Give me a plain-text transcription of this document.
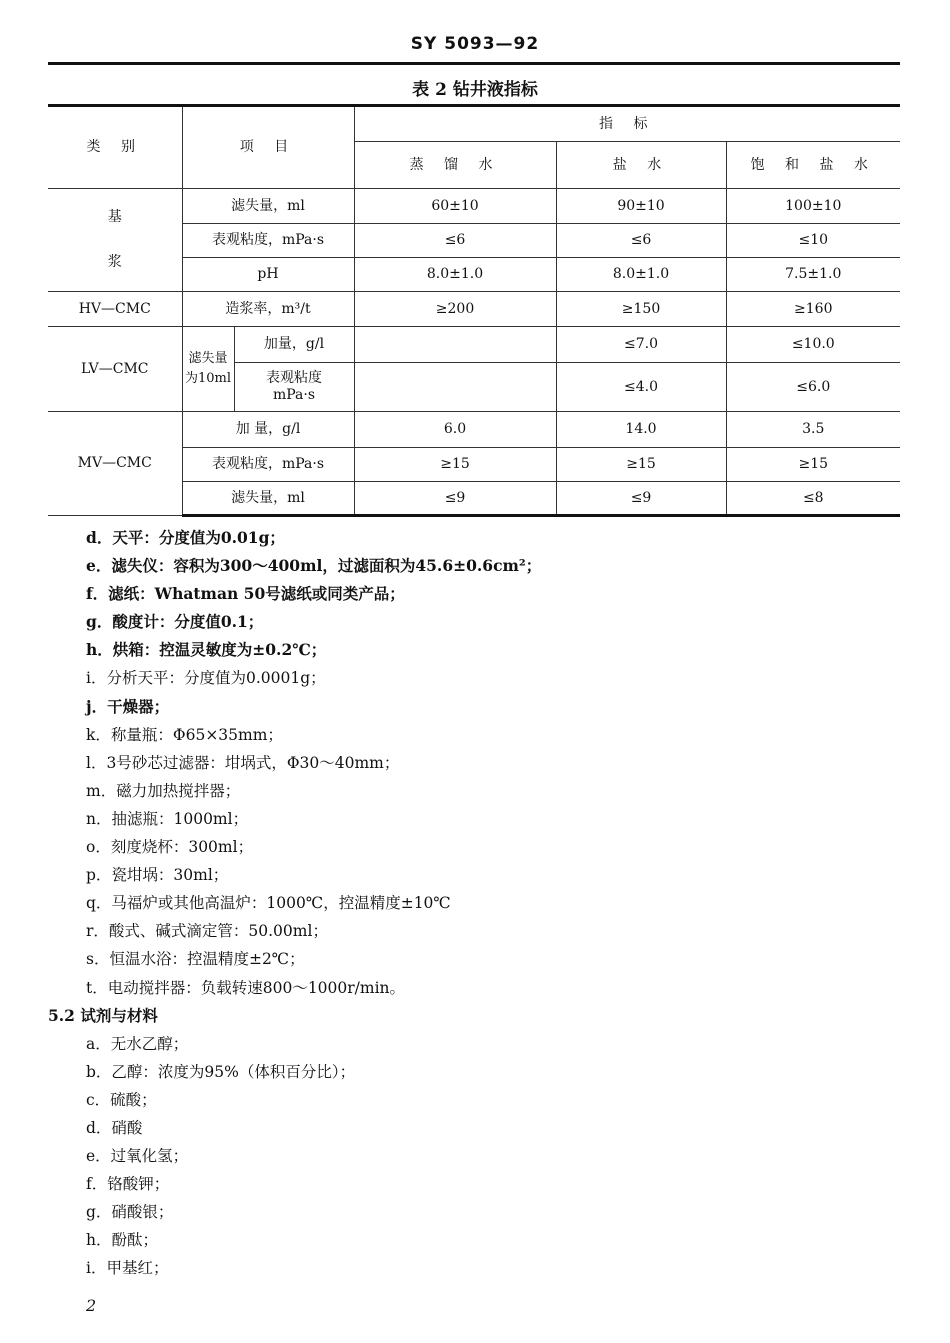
SY 5093—92
表 2 钻井液指标
类 别	项 目		指 标		
			蒸 馏 水	盐 水	饱 和 盐 水

基
浆	滤失量，ml		60±10	90±10	100±10
	表观粘度，mPa·s		≤6	≤6	≤10
	pH		8.0±1.0	8.0±1.0	7.5±1.0
HV—CMC	造浆率，m³/t		≥200	≥150	≥160
LV—CMC	滤失量为10ml	加量，g/l		≤7.0	≤10.0
		表观粘度 mPa·s		≤4.0	≤6.0
MV—CMC	加 量，g/l		6.0	14.0	3.5
	表观粘度，mPa·s		≥15	≥15	≥15
	滤失量，ml		≤9	≤9	≤8
d．天平：分度值为0.01g；
e．滤失仪：容积为300～400ml，过滤面积为45.6±0.6cm²；
f．滤纸：Whatman 50号滤纸或同类产品；
g．酸度计：分度值0.1；
h．烘箱：控温灵敏度为±0.2℃；
i．分析天平：分度值为0.0001g；
j．干燥器；
k．称量瓶：Φ65×35mm；
l．3号砂芯过滤器：坩埚式，Φ30～40mm；
m．磁力加热搅拌器；
n．抽滤瓶：1000ml；
o．刻度烧杯：300ml；
p．瓷坩埚：30ml；
q．马福炉或其他高温炉：1000℃，控温精度±10℃
r．酸式、碱式滴定管：50.00ml；
s．恒温水浴：控温精度±2℃；
t．电动搅拌器：负载转速800～1000r/min。
5.2 试剂与材料
a．无水乙醇；
b．乙醇：浓度为95%（体积百分比）；
c．硫酸；
d．硝酸
e．过氧化氢；
f．铬酸钾；
g．硝酸银；
h．酚酞；
i．甲基红；
2
